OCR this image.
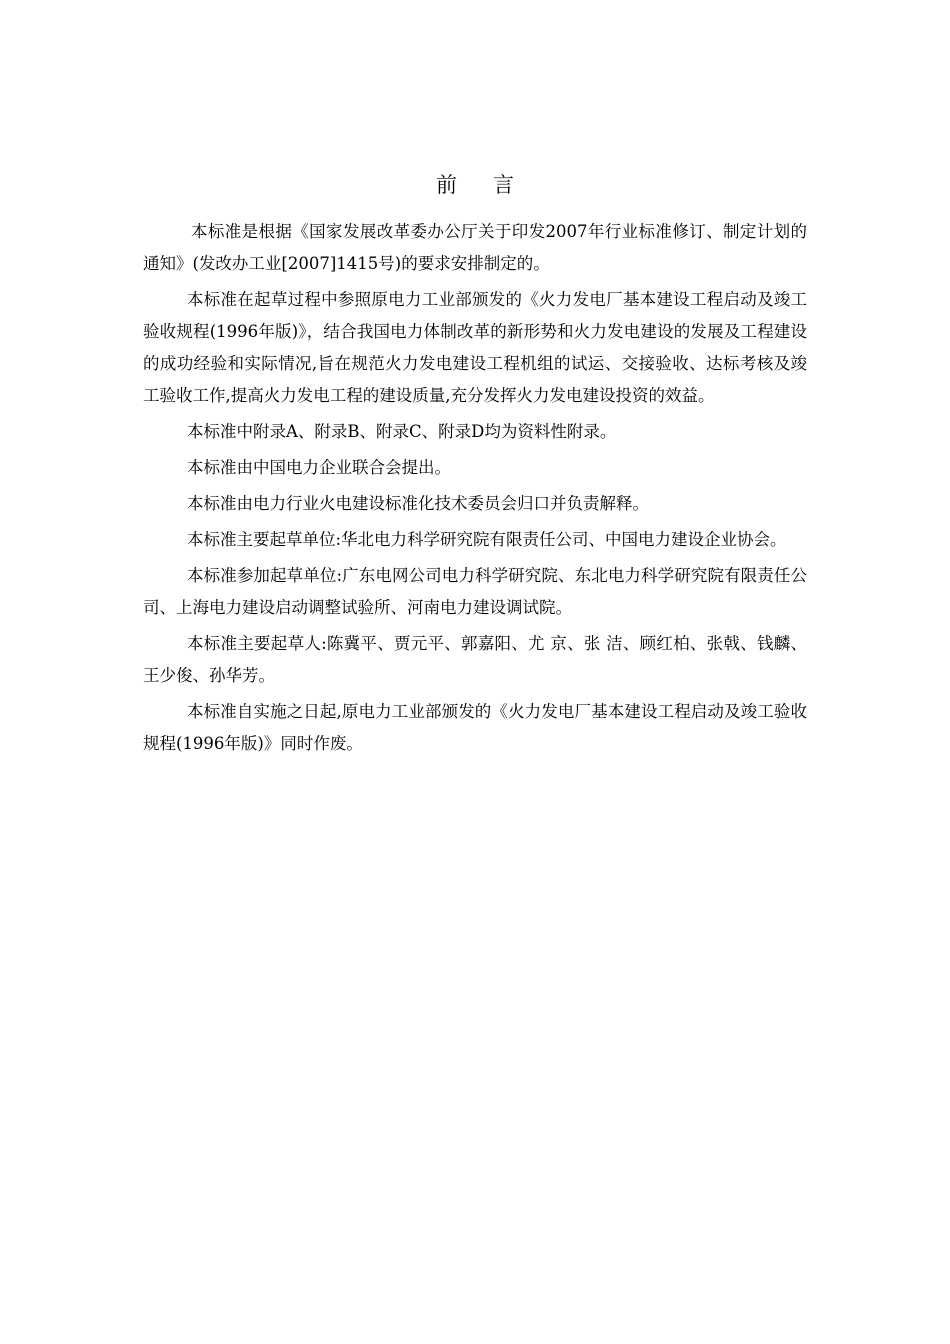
前 言

本标准是根据《国家发展改革委办公厅关于印发2007年行业标准修订、制定计划的通知》(发改办工业[2007]1415号)的要求安排制定的。

本标准在起草过程中参照原电力工业部颁发的《火力发电厂基本建设工程启动及竣工验收规程(1996年版)》，结合我国电力体制改革的新形势和火力发电建设的发展及工程建设的成功经验和实际情况,旨在规范火力发电建设工程机组的试运、交接验收、达标考核及竣工验收工作,提高火力发电工程的建设质量,充分发挥火力发电建设投资的效益。

本标准中附录A、附录B、附录C、附录D均为资料性附录。

本标准由中国电力企业联合会提出。

本标准由电力行业火电建设标准化技术委员会归口并负责解释。

本标准主要起草单位:华北电力科学研究院有限责任公司、中国电力建设企业协会。

本标准参加起草单位:广东电网公司电力科学研究院、东北电力科学研究院有限责任公司、上海电力建设启动调整试验所、河南电力建设调试院。

本标准主要起草人:陈冀平、贾元平、郭嘉阳、尤 京、张 洁、顾红柏、张戟、钱麟、王少俊、孙华芳。

本标准自实施之日起,原电力工业部颁发的《火力发电厂基本建设工程启动及竣工验收规程(1996年版)》同时作废。
